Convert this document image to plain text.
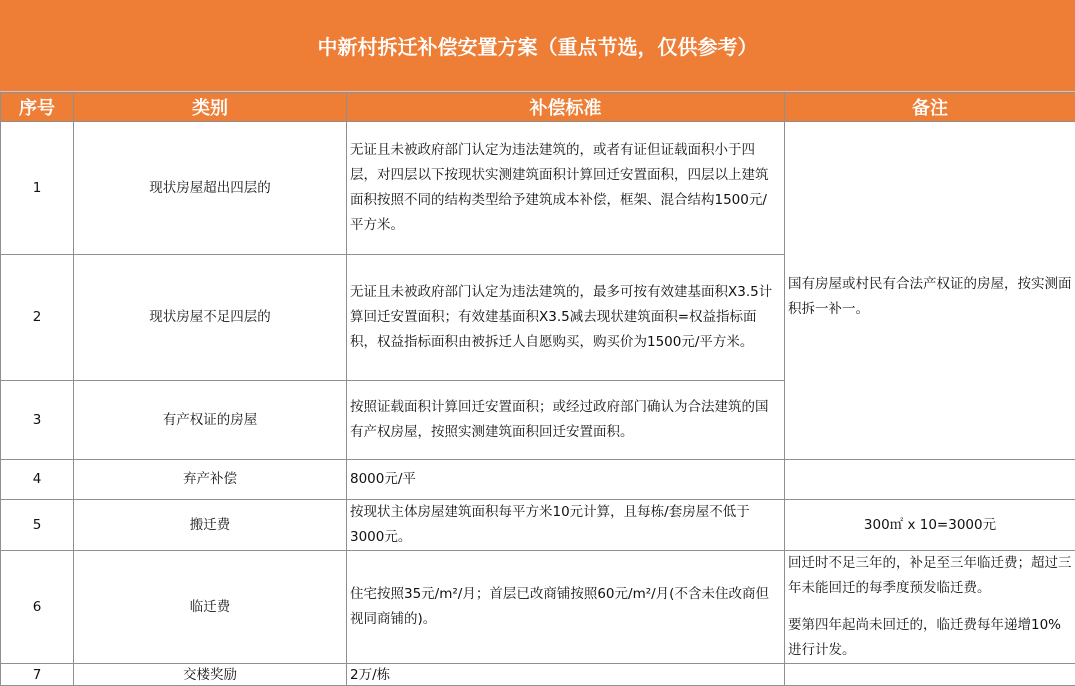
中新村拆迁补偿安置方案（重点节选，仅供参考）
序号	类别	补偿标准	备注
1	现状房屋超出四层的	无证且未被政府部门认定为违法建筑的，或者有证但证载面积小于四层，对四层以下按现状实测建筑面积计算回迁安置面积，四层以上建筑面积按照不同的结构类型给予建筑成本补偿，框架、混合结构1500元/平方米。	国有房屋或村民有合法产权证的房屋，按实测面积拆一补一。

2	现状房屋不足四层的	无证且未被政府部门认定为违法建筑的，最多可按有效建基面积X3.5计算回迁安置面积；有效建基面积X3.5减去现状建筑面积=权益指标面积，权益指标面积由被拆迁人自愿购买，购买价为1500元/平方米。	
3	有产权证的房屋	按照证载面积计算回迁安置面积；或经过政府部门确认为合法建筑的国有产权房屋，按照实测建筑面积回迁安置面积。	
4	弃产补偿	8000元/平	
5	搬迁费	按现状主体房屋建筑面积每平方米10元计算，且每栋/套房屋不低于3000元。	300㎡ x 10=3000元
6	临迁费	住宅按照35元/m²/月；首层已改商铺按照60元/m²/月(不含未住改商但视同商铺的)。	回迁时不足三年的，补足至三年临迁费；超过三年未能回迁的每季度预发临迁费。
要第四年起尚未回迁的，临迁费每年递增10%进行计发。

7	交楼奖励	2万/栋	
